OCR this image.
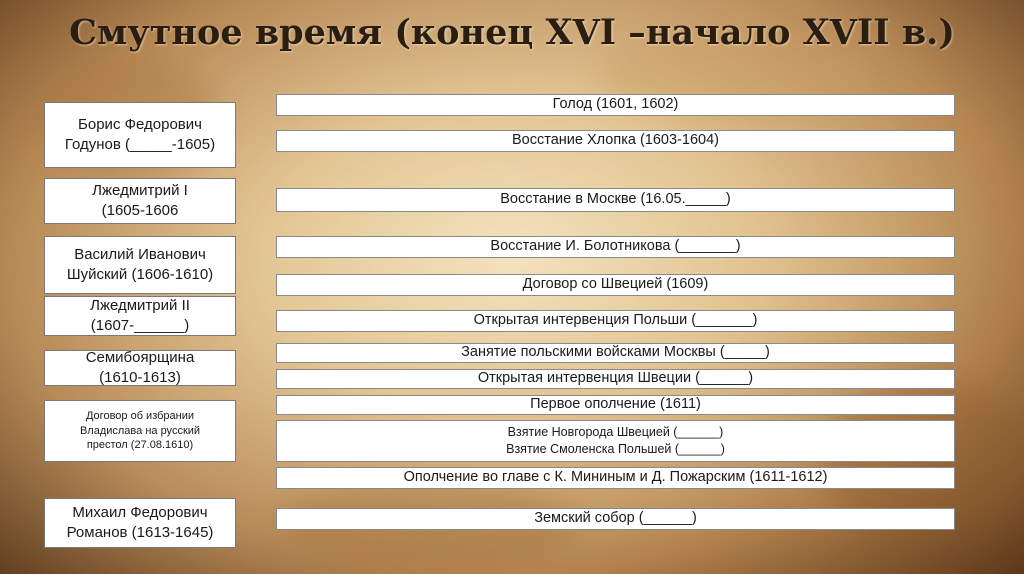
Смутное время (конец XVI –начало XVII в.)
Борис Федорович
Годунов (_____-1605)
Лжедмитрий I
(1605-1606
Василий Иванович
Шуйский (1606-1610)
Лжедмитрий II
(1607-______)
Семибоярщина
(1610-1613)
Договор об избрании
Владислава на русский
престол (27.08.1610)
Михаил Федорович
Романов (1613-1645)
Голод (1601, 1602)
Восстание Хлопка (1603-1604)
Восстание в Москве (16.05._____)
Восстание И. Болотникова (_______)
Договор со Швецией (1609)
Открытая интервенция Польши (_______)
Занятие польскими войсками Москвы (_____)
Открытая интервенция Швеции (______)
Первое ополчение (1611)
Взятие Новгорода Швецией (______)
Взятие Смоленска Польшей (______)
Ополчение во главе с К. Мининым и Д. Пожарским (1611-1612)
Земский собор (______)
